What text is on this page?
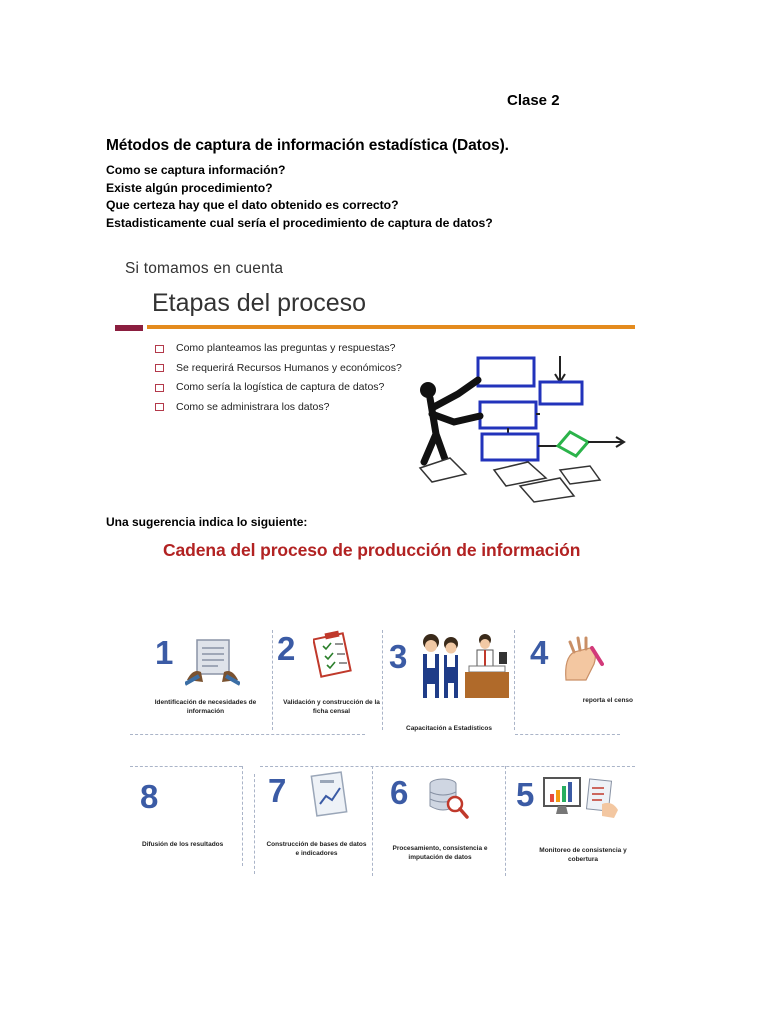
Clase 2
Métodos de captura de información estadística (Datos).
Como se captura información?
Existe algún procedimiento?
Que certeza hay que el dato obtenido es correcto?
Estadisticamente cual sería el procedimiento de captura de datos?
Si tomamos en cuenta
Etapas del proceso
Como planteamos las preguntas y respuestas?
Se requerirá Recursos Humanos y económicos?
Como sería la logística de captura de datos?
Como se administrara los datos?
Una sugerencia indica lo siguiente:
Cadena del proceso de producción de información
1
Identificación de necesidades de información
2
Validación y construcción de la ficha censal
3
Capacitación a Estadísticos
4
reporta el censo
8
Difusión de los resultados
7
Construcción de bases de datos e indicadores
6
Procesamiento, consistencia e imputación de datos
5
Monitoreo de consistencia y cobertura
